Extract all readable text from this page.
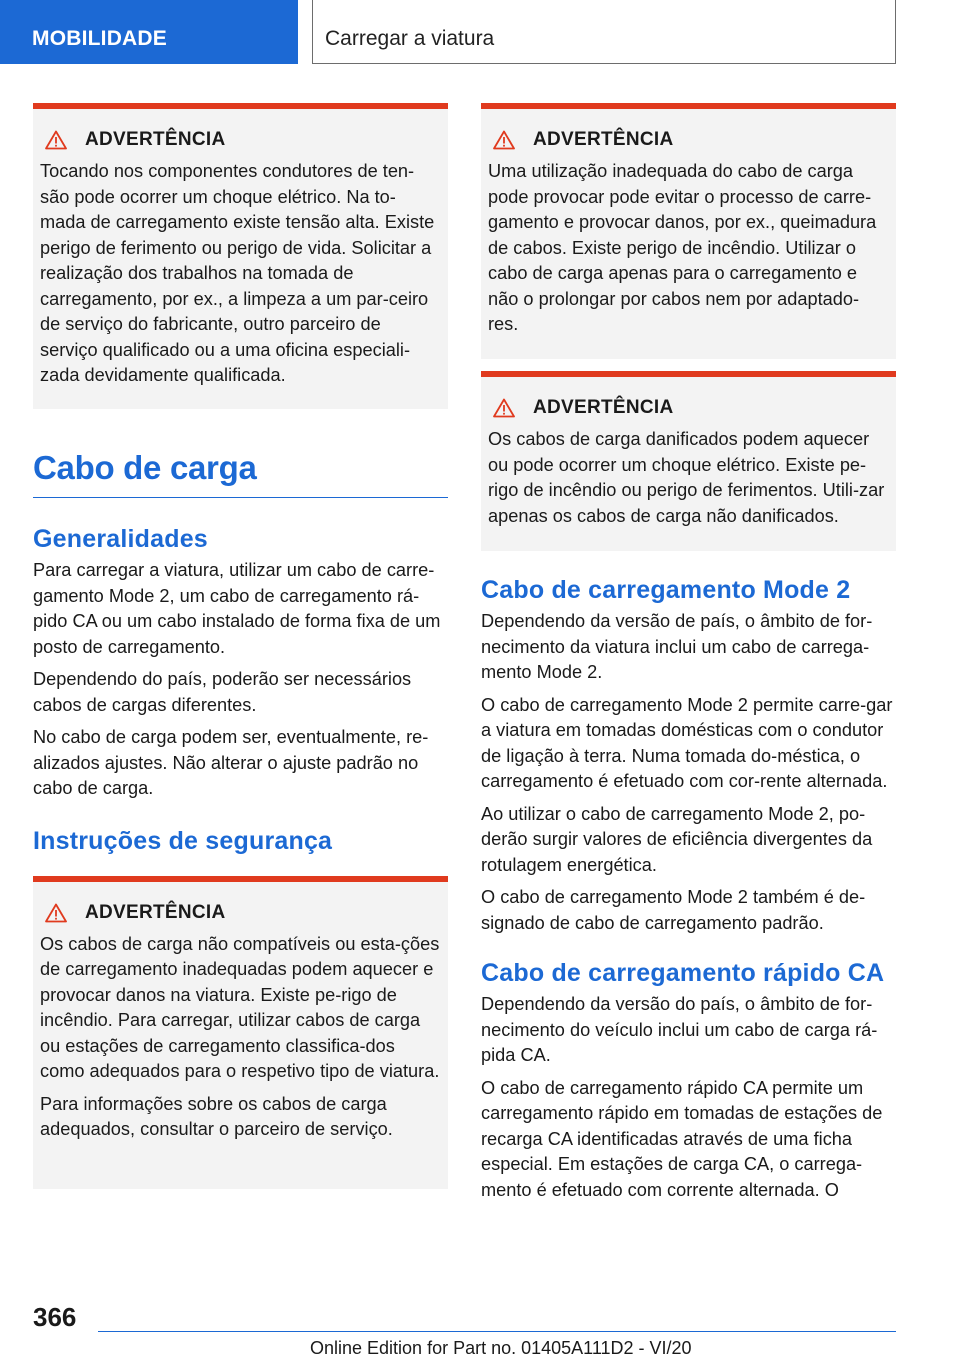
MOBILIDADE	Carregar a viatura
ADVERTÊNCIA

Tocando nos componentes condutores de ten-são pode ocorrer um choque elétrico. Na to-mada de carregamento existe tensão alta. Existe perigo de ferimento ou perigo de vida. Solicitar a realização dos trabalhos na tomada de carregamento, por ex., a limpeza a um par-ceiro de serviço do fabricante, outro parceiro de serviço qualificado ou a uma oficina especiali-zada devidamente qualificada.

Cabo de carga
Generalidades

Para carregar a viatura, utilizar um cabo de carre-gamento Mode 2, um cabo de carregamento rá-pido CA ou um cabo instalado de forma fixa de um posto de carregamento.

Dependendo do país, poderão ser necessários cabos de cargas diferentes.

No cabo de carga podem ser, eventualmente, re-alizados ajustes. Não alterar o ajuste padrão no cabo de carga.

Instruções de segurança
ADVERTÊNCIA

Os cabos de carga não compatíveis ou esta-ções de carregamento inadequadas podem aquecer e provocar danos na viatura. Existe pe-rigo de incêndio. Para carregar, utilizar cabos de carga ou estações de carregamento classifica-dos como adequados para o respetivo tipo de viatura.

Para informações sobre os cabos de carga adequados, consultar o parceiro de serviço.

ADVERTÊNCIA

Uma utilização inadequada do cabo de carga pode provocar pode evitar o processo de carre-gamento e provocar danos, por ex., queimadura de cabos. Existe perigo de incêndio. Utilizar o cabo de carga apenas para o carregamento e não o prolongar por cabos nem por adaptado-res.

ADVERTÊNCIA

Os cabos de carga danificados podem aquecer ou pode ocorrer um choque elétrico. Existe pe-rigo de incêndio ou perigo de ferimentos. Utili-zar apenas os cabos de carga não danificados.

Cabo de carregamento Mode 2

Dependendo da versão de país, o âmbito de for-necimento da viatura inclui um cabo de carrega-mento Mode 2.

O cabo de carregamento Mode 2 permite carre-gar a viatura em tomadas domésticas com o condutor de ligação à terra. Numa tomada do-méstica, o carregamento é efetuado com cor-rente alternada.

Ao utilizar o cabo de carregamento Mode 2, po-derão surgir valores de eficiência divergentes da rotulagem energética.

O cabo de carregamento Mode 2 também é de-signado de cabo de carregamento padrão.

Cabo de carregamento rápido CA

Dependendo da versão do país, o âmbito de for-necimento do veículo inclui um cabo de carga rá-pida CA.

O cabo de carregamento rápido CA permite um carregamento rápido em tomadas de estações de recarga CA identificadas através de uma ficha especial. Em estações de carga CA, o carrega-mento é efetuado com corrente alternada. O

366
Online Edition for Part no. 01405A111D2 - VI/20
